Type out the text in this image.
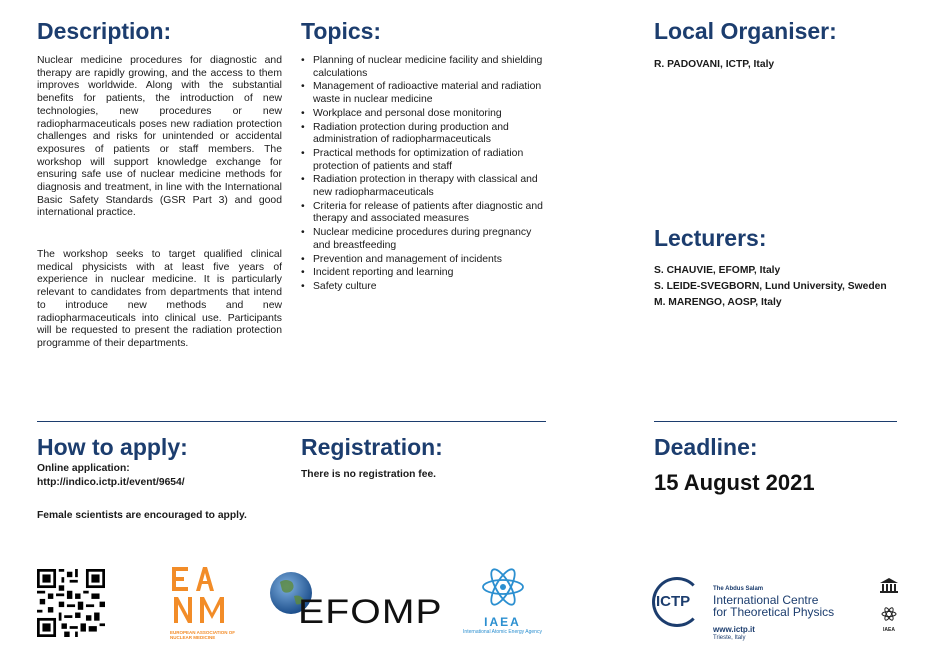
Description:

Nuclear medicine procedures for diagnostic and therapy are rapidly growing, and the access to them improves worldwide. Along with the substantial benefits for patients, the introduction of new technologies, new procedures or new radiopharmaceuticals poses new radiation protection challenges and risks for unintended or accidental exposures of patients or staff members. The workshop will support knowledge exchange for ensuring safe use of nuclear medicine methods for diagnosis and treatment, in line with the International Basic Safety Standards (GSR Part 3) and good international practice.

The workshop seeks to target qualified clinical medical physicists with at least five years of experience in nuclear medicine. It is particularly relevant to candidates from departments that intend to introduce new methods and new radiopharmaceuticals into clinical use. Participants will be requested to present the radiation protection programme of their departments.

Topics:
• Planning of nuclear medicine facility and shielding calculations
• Management of radioactive material and radiation waste in nuclear medicine
• Workplace and personal dose monitoring
• Radiation protection during production and administration of radiopharmaceuticals
• Practical methods for optimization of radiation protection of patients and staff
• Radiation protection in therapy with classical and new radiopharmaceuticals
• Criteria for release of patients after diagnostic and therapy and associated measures
• Nuclear medicine procedures during pregnancy and breastfeeding
• Prevention and management of incidents
• Incident reporting and learning
• Safety culture
Local Organiser:

R. PADOVANI, ICTP, Italy

Lecturers:

S. CHAUVIE, EFOMP, Italy

S. LEIDE-SVEGBORN, Lund University, Sweden

M. MARENGO, AOSP, Italy

How to apply:

Online application:

http://indico.ictp.it/event/9654/

Female scientists are encouraged to apply.

Registration:

There is no registration fee.

Deadline:
15 August 2021
EUROPEAN ASSOCIATION OF NUCLEAR MEDICINE
EFOMP	IAEA
International Atomic Energy Agency
ICTP
The Abdus Salam
International Centre
for Theoretical Physics
www.ictp.it
Trieste, Italy

IAEA
